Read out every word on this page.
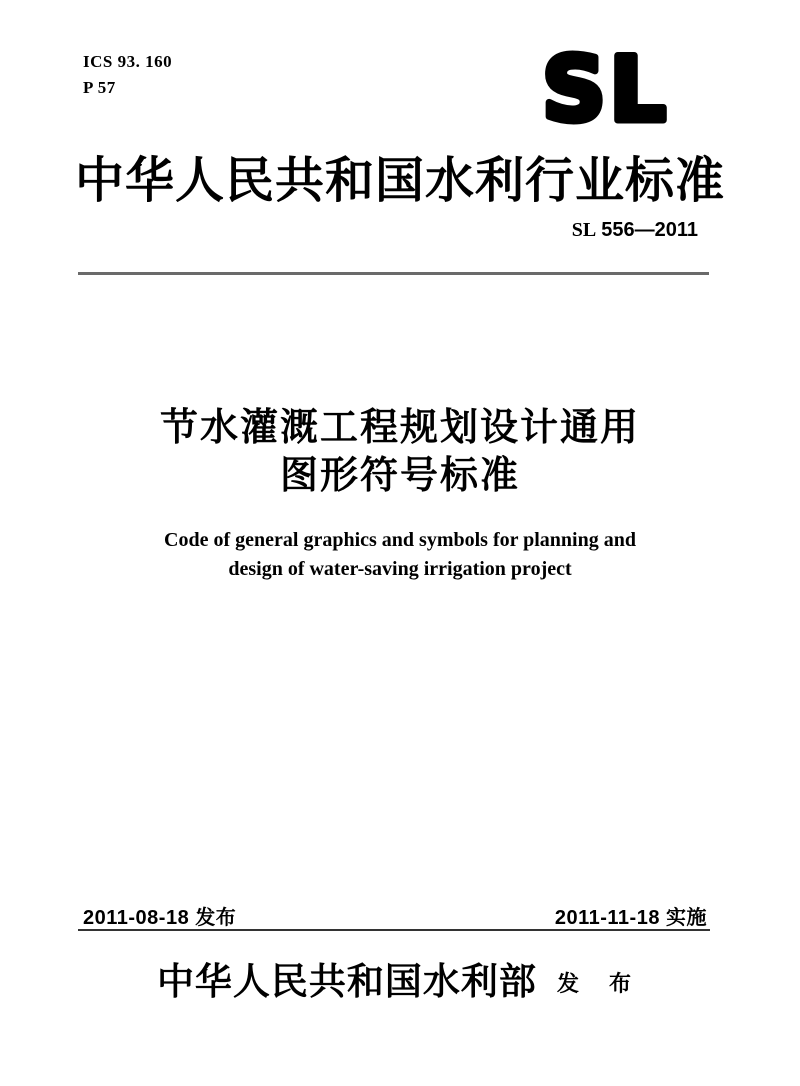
ICS 93. 160
P 57	SL
中华人民共和国水利行业标准
SL 556—2011
节水灌溉工程规划设计通用
图形符号标准
Code of general graphics and symbols for planning and
design of water-saving irrigation project
2011-08-18 发布	2011-11-18 实施
中华人民共和国水利部 发 布
